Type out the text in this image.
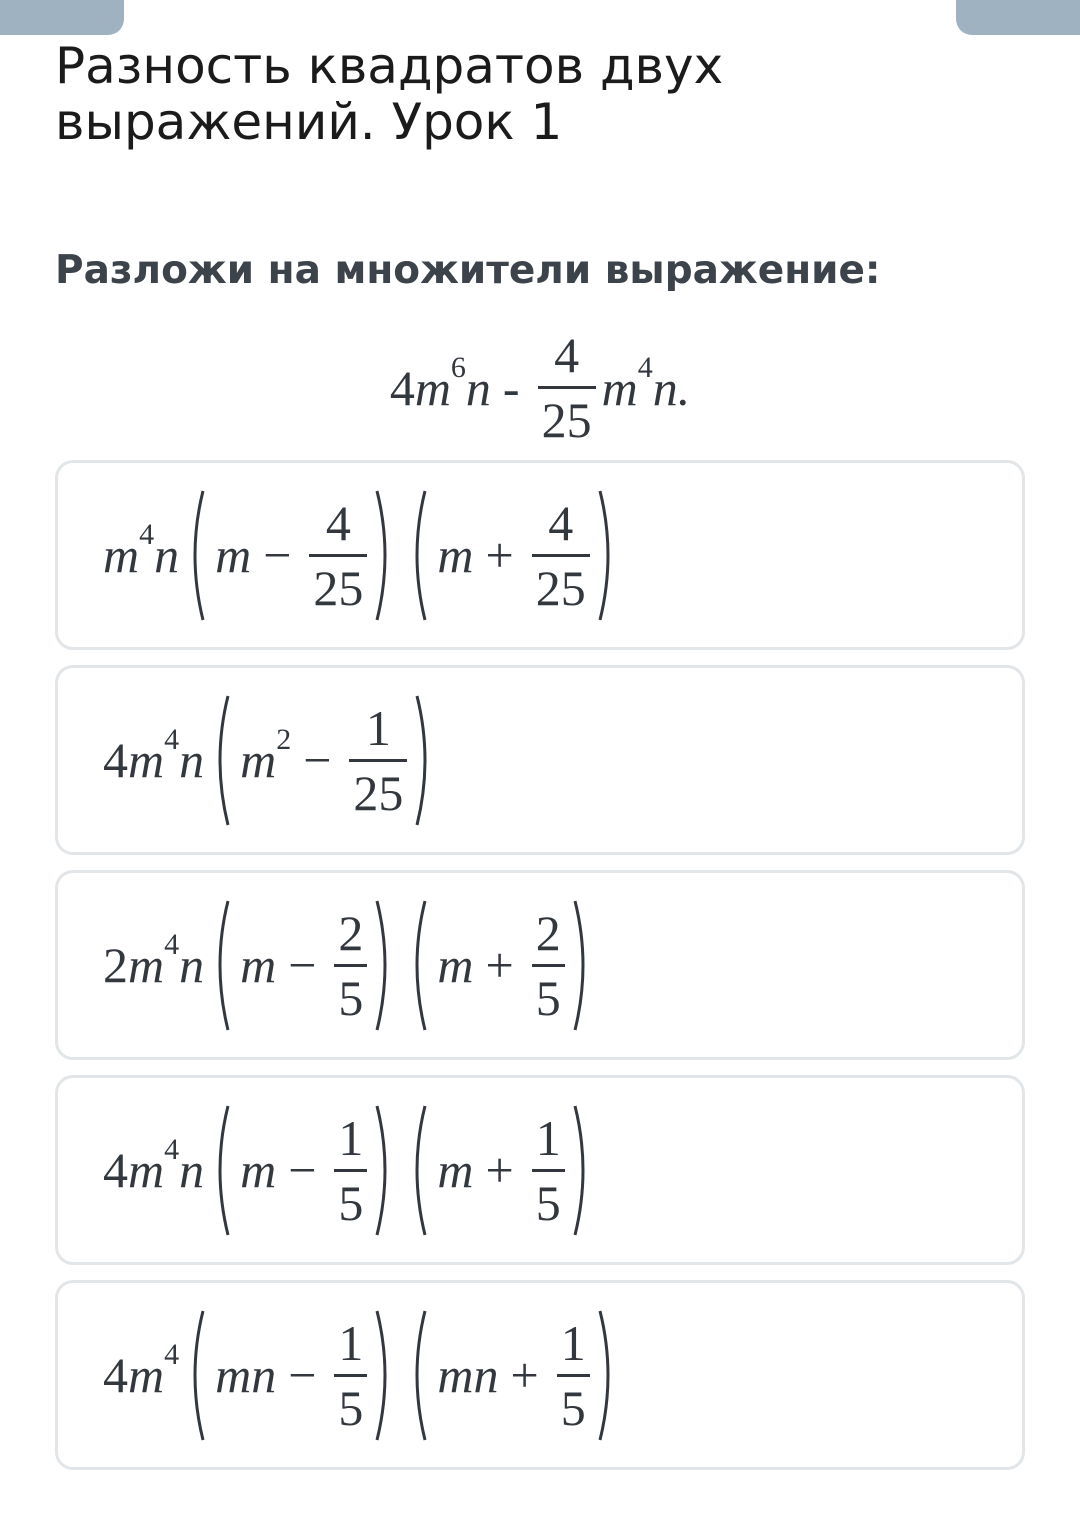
Разность квадратов двух выражений. Урок 1
Разложи на множители выражение:
4 $m^6$ n - $\frac{4}{25} m^4$ n.
$m^4$ n $m - \frac{4}{25}$ $m + \frac{4}{25}$
4 $m^4$ n $m^2 - \frac{1}{25}$
2 $m^4$ n $m - \frac{2}{5}$ $m + \frac{2}{5}$
4 $m^4$ n $m - \frac{1}{5}$ $m + \frac{1}{5}$
4 $m^4$ mn − $\frac{1}{5}$ mn + $\frac{1}{5}$
